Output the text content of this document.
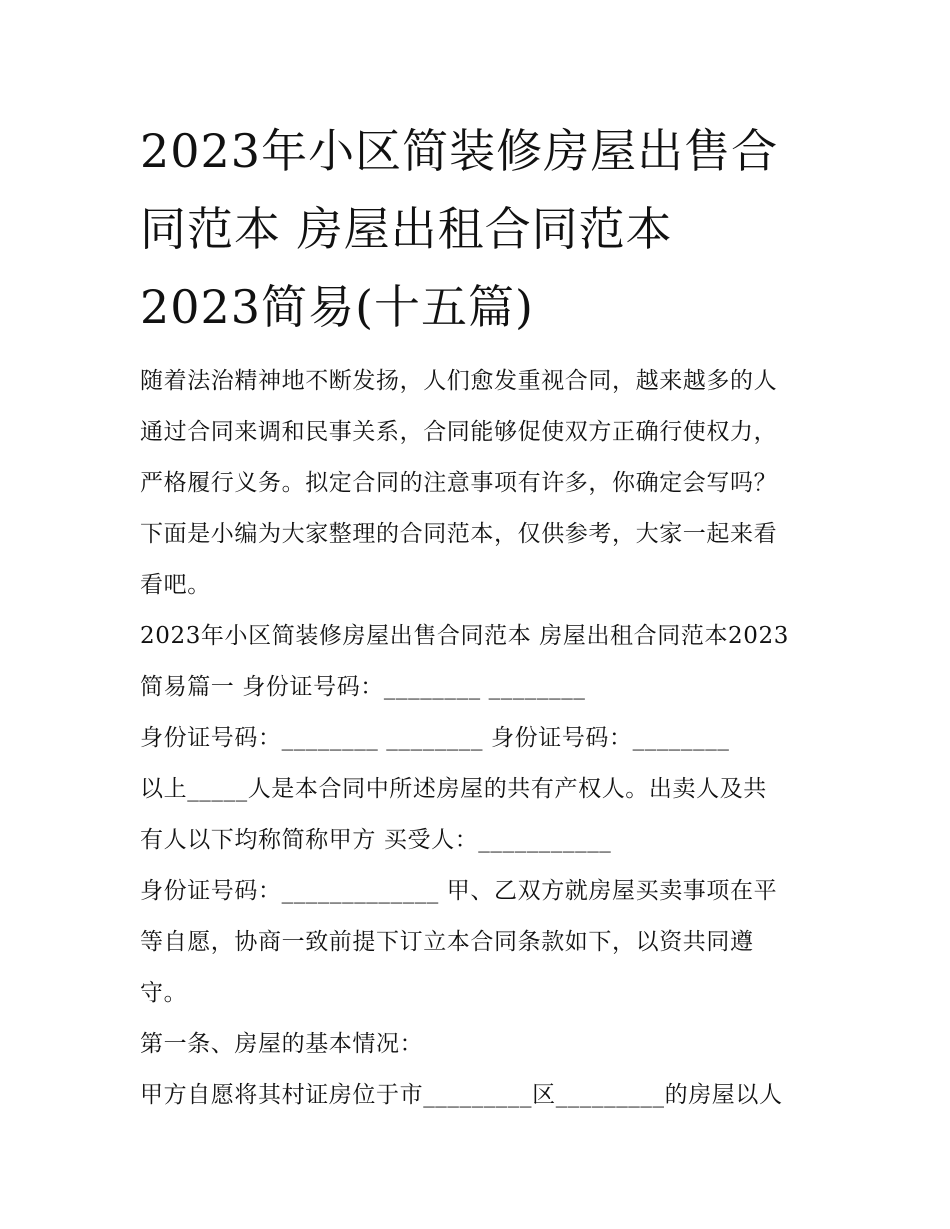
2023年小区简装修房屋出售合
同范本 房屋出租合同范本
2023简易(十五篇)
随着法治精神地不断发扬，人们愈发重视合同，越来越多的人
通过合同来调和民事关系，合同能够促使双方正确行使权力，
严格履行义务。拟定合同的注意事项有许多，你确定会写吗？
下面是小编为大家整理的合同范本，仅供参考，大家一起来看
看吧。
2023年小区简装修房屋出售合同范本 房屋出租合同范本2023
简易篇一 身份证号码：________ ________
身份证号码：________ ________ 身份证号码：________
以上_____人是本合同中所述房屋的共有产权人。出卖人及共
有人以下均称简称甲方 买受人：___________
身份证号码：_____________ 甲、乙双方就房屋买卖事项在平
等自愿，协商一致前提下订立本合同条款如下，以资共同遵
守。
第一条、房屋的基本情况：
甲方自愿将其村证房位于市_________区_________的房屋以人
